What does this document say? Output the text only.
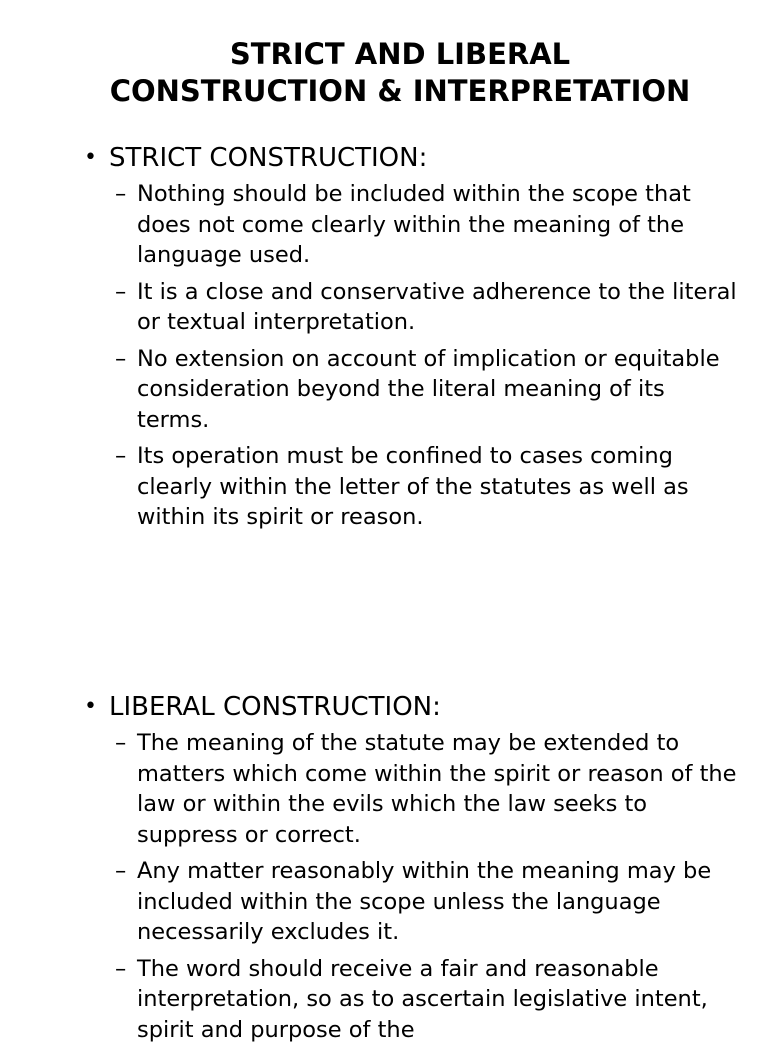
STRICT AND LIBERAL
CONSTRUCTION & INTERPRETATION
• STRICT CONSTRUCTION:
– Nothing should be included within the scope that does not come clearly within the meaning of the language used.
– It is a close and conservative adherence to the literal or textual interpretation.
– No extension on account of implication or equitable consideration beyond the literal meaning of its terms.
– Its operation must be confined to cases coming clearly within the letter of the statutes as well as within its spirit or reason.
• LIBERAL CONSTRUCTION:
– The meaning of the statute may be extended to matters which come within the spirit or reason of the law or within the evils which the law seeks to suppress or correct.
– Any matter reasonably within the meaning may be included within the scope unless the language necessarily excludes it.
– The word should receive a fair and reasonable interpretation, so as to ascertain legislative intent, spirit and purpose of the
